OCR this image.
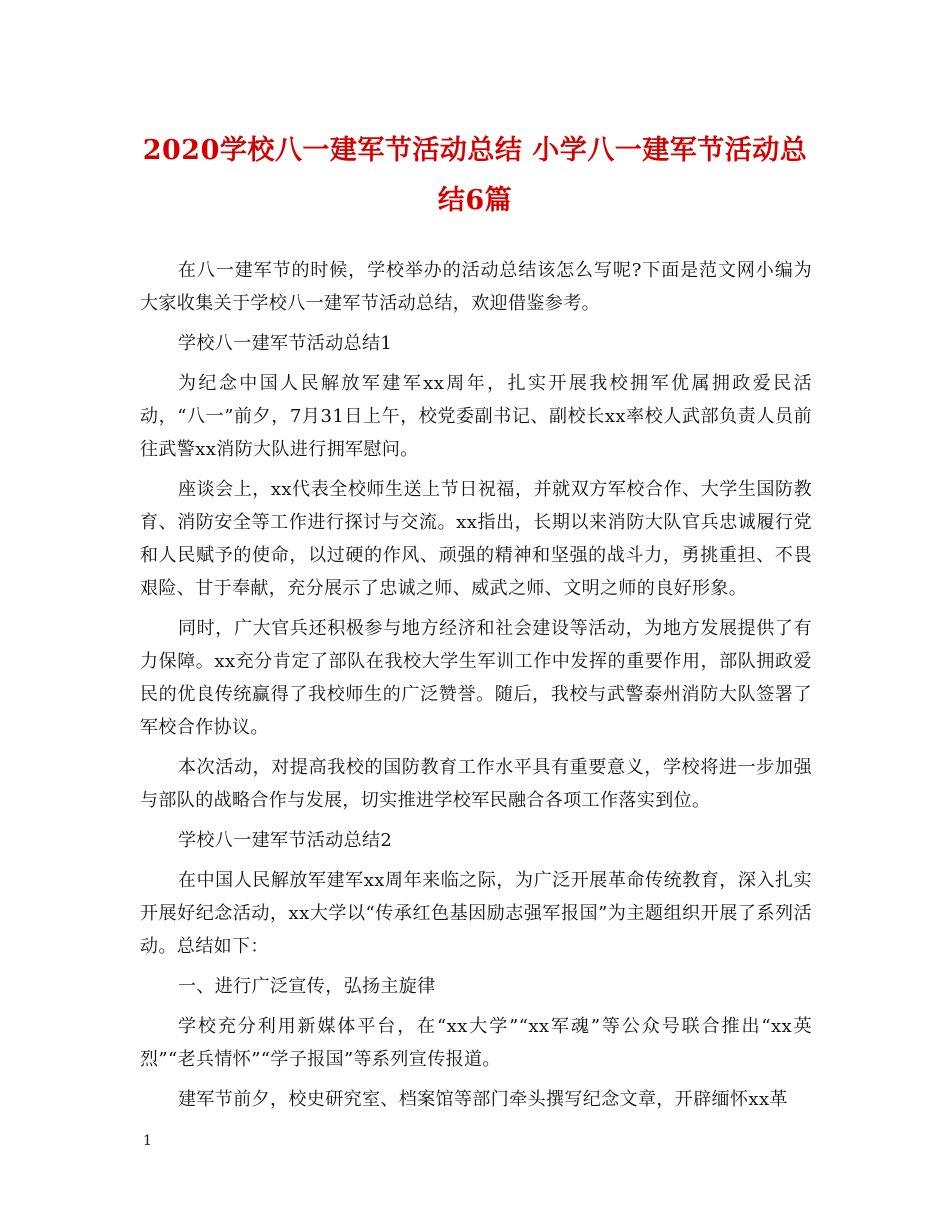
2020学校八一建军节活动总结 小学八一建军节活动总结6篇

在八一建军节的时候，学校举办的活动总结该怎么写呢?下面是范文网小编为大家收集关于学校八一建军节活动总结，欢迎借鉴参考。

学校八一建军节活动总结1

为纪念中国人民解放军建军xx周年，扎实开展我校拥军优属拥政爱民活动，“八一”前夕，7月31日上午，校党委副书记、副校长xx率校人武部负责人员前往武警xx消防大队进行拥军慰问。

座谈会上，xx代表全校师生送上节日祝福，并就双方军校合作、大学生国防教育、消防安全等工作进行探讨与交流。xx指出，长期以来消防大队官兵忠诚履行党和人民赋予的使命，以过硬的作风、顽强的精神和坚强的战斗力，勇挑重担、不畏艰险、甘于奉献，充分展示了忠诚之师、威武之师、文明之师的良好形象。

同时，广大官兵还积极参与地方经济和社会建设等活动，为地方发展提供了有力保障。xx充分肯定了部队在我校大学生军训工作中发挥的重要作用，部队拥政爱民的优良传统赢得了我校师生的广泛赞誉。随后，我校与武警泰州消防大队签署了军校合作协议。

本次活动，对提高我校的国防教育工作水平具有重要意义，学校将进一步加强与部队的战略合作与发展，切实推进学校军民融合各项工作落实到位。

学校八一建军节活动总结2

在中国人民解放军建军xx周年来临之际，为广泛开展革命传统教育，深入扎实开展好纪念活动，xx大学以“传承红色基因励志强军报国”为主题组织开展了系列活动。总结如下：

一、进行广泛宣传，弘扬主旋律

学校充分利用新媒体平台，在“xx大学”“xx军魂”等公众号联合推出“xx英烈”“老兵情怀”“学子报国”等系列宣传报道。

建军节前夕，校史研究室、档案馆等部门牵头撰写纪念文章，开辟缅怀xx革

1
